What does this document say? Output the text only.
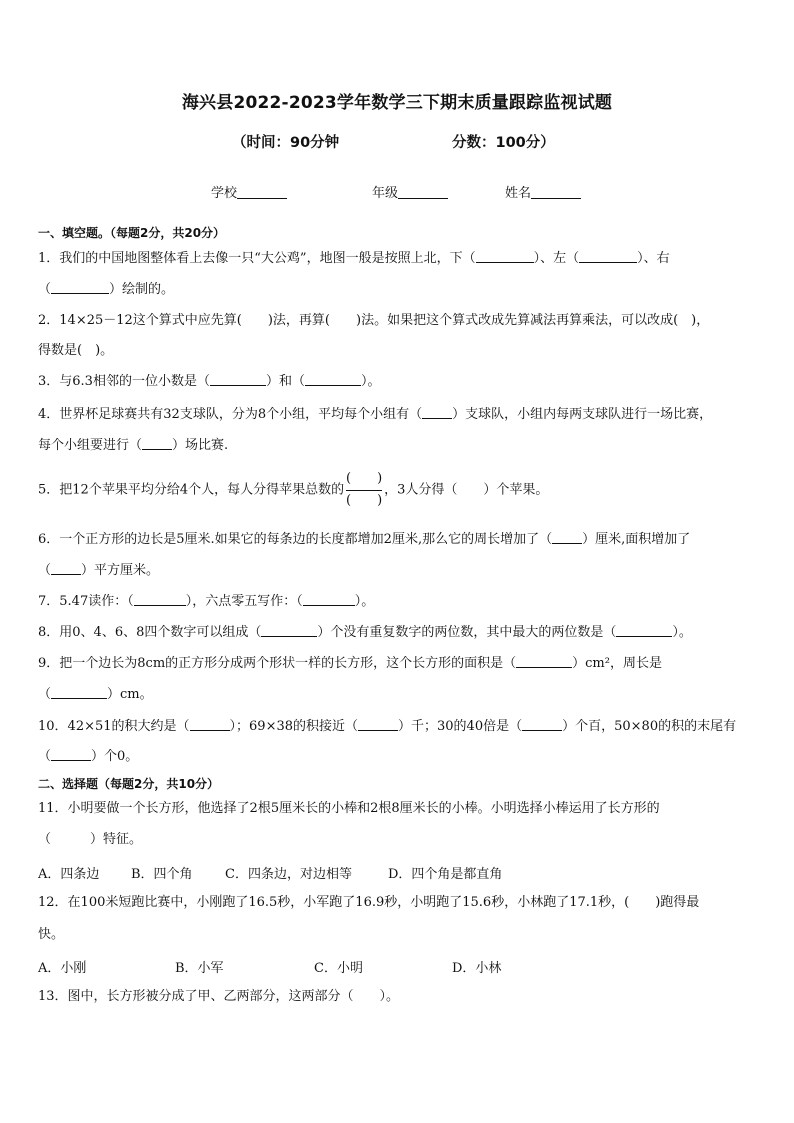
海兴县2022-2023学年数学三下期末质量跟踪监视试题
（时间：90分钟	分数：100分）
学校	年级	姓名
一、填空题。（每题2分，共20分）
1．我们的中国地图整体看上去像一只“大公鸡”，地图一般是按照上北，下（	）、左（	）、右
（	）绘制的。
2．14×25－12这个算式中应先算(　　)法，再算(　　)法。如果把这个算式改成先算减法再算乘法，可以改成(　)，
得数是(　)。
3．与6.3相邻的一位小数是（	）和（	）。
4．世界杯足球赛共有32支球队，分为8个小组，平均每个小组有（ ）支球队，小组内每两支球队进行一场比赛，
每个小组要进行（ ）场比赛.
5．把12个苹果平均分给4个人，每人分得苹果总数的 $\frac{( )}{( )}$ ，3人分得（　　）个苹果。
6．一个正方形的边长是5厘米.如果它的每条边的长度都增加2厘米,那么它的周长增加了（ ）厘米,面积增加了
（ ）平方厘米。
7．5.47读作：（	），六点零五写作：（	）。
8．用0、4、6、8四个数字可以组成（	）个没有重复数字的两位数，其中最大的两位数是（	）。
9．把一个边长为8cm的正方形分成两个形状一样的长方形，这个长方形的面积是（	）cm²，周长是
（	）cm。
10．42×51的积大约是（	）；69×38的积接近（	）千；30的40倍是（	）个百，50×80的积的末尾有
（	）个0。
二、选择题（每题2分，共10分）
11．小明要做一个长方形，他选择了2根5厘米长的小棒和2根8厘米长的小棒。小明选择小棒运用了长方形的
（　　　）特征。
A．四条边 B．四个角 C．四条边，对边相等	D．四个角是都直角
12．在100米短跑比赛中，小刚跑了16.5秒，小军跑了16.9秒，小明跑了15.6秒，小林跑了17.1秒，(　　)跑得最
快。
A．小刚	B．小军	C．小明	D．小林
13．图中，长方形被分成了甲、乙两部分，这两部分（　　）。
